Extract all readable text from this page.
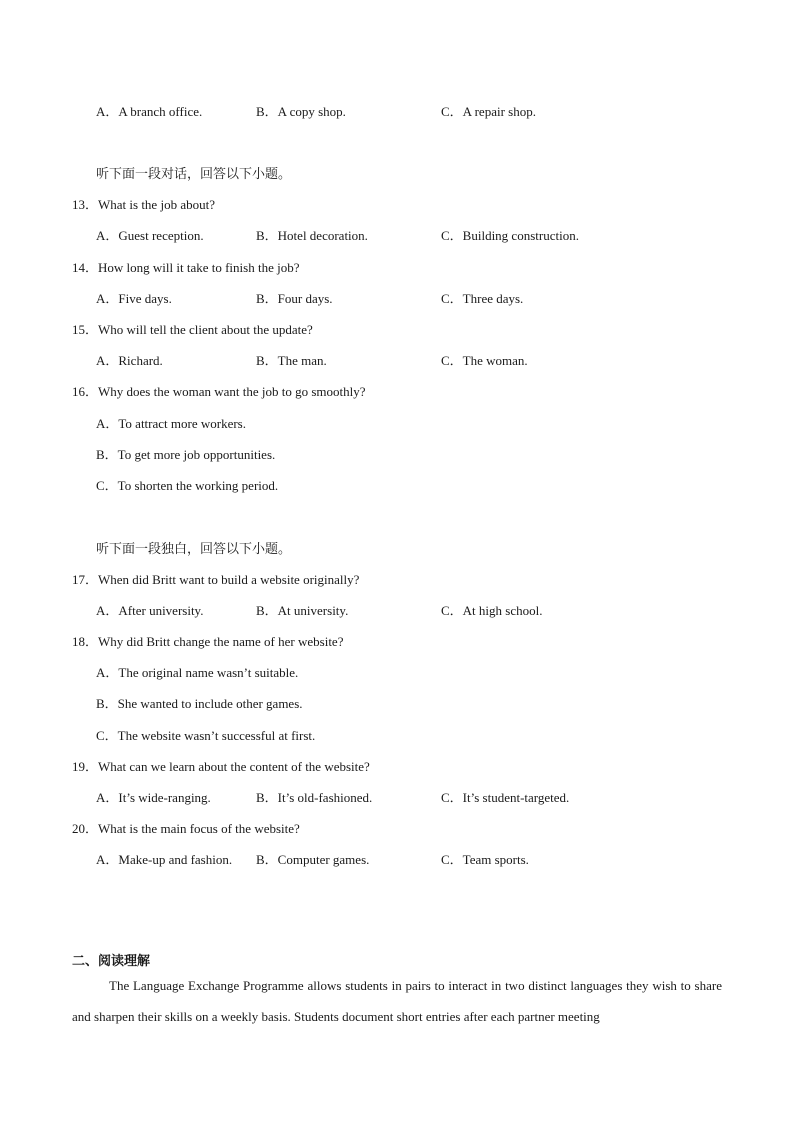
A．A branch office.	B．A copy shop.	C．A repair shop.
听下面一段对话，回答以下小题。
13．What is the job about?
A．Guest reception.	B．Hotel decoration.	C．Building construction.
14．How long will it take to finish the job?
A．Five days.	B．Four days.	C．Three days.
15．Who will tell the client about the update?
A．Richard.	B．The man.	C．The woman.
16．Why does the woman want the job to go smoothly?
A．To attract more workers.
B．To get more job opportunities.
C．To shorten the working period.
听下面一段独白，回答以下小题。
17．When did Britt want to build a website originally?
A．After university.	B．At university.	C．At high school.
18．Why did Britt change the name of her website?
A．The original name wasn’t suitable.
B．She wanted to include other games.
C．The website wasn’t successful at first.
19．What can we learn about the content of the website?
A．It’s wide-ranging.	B．It’s old-fashioned.	C．It’s student-targeted.
20．What is the main focus of the website?
A．Make-up and fashion. B．Computer games.	C．Team sports.
二、阅读理解

The Language Exchange Programme allows students in pairs to interact in two distinct languages they wish to share and sharpen their skills on a weekly basis. Students document short entries after each partner meeting
